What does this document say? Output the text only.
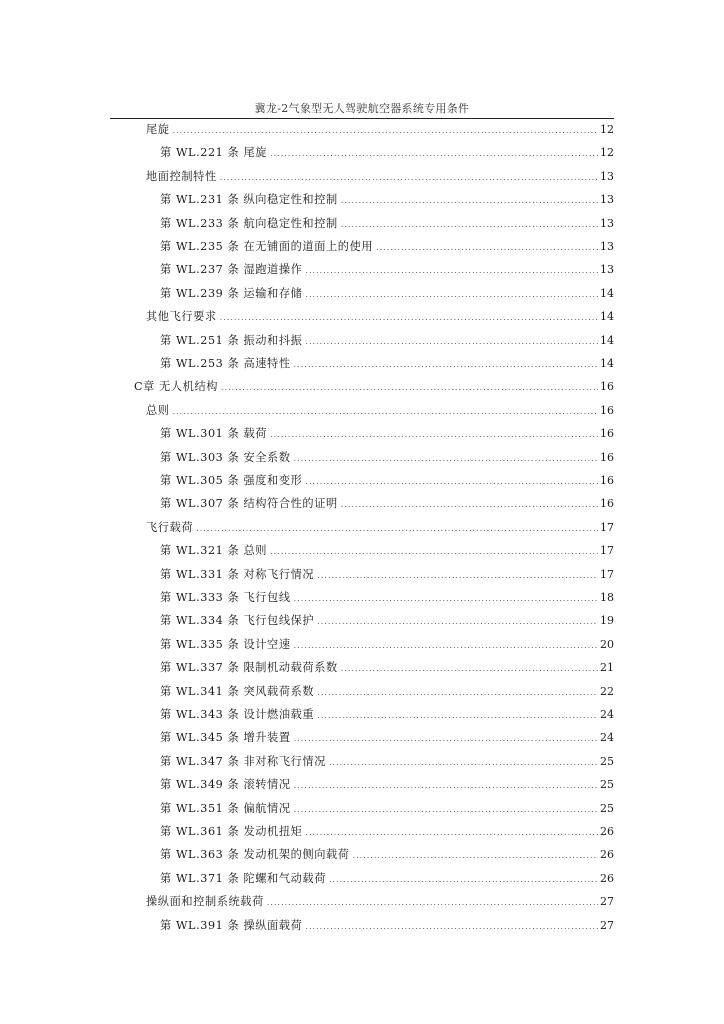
冀龙-2气象型无人驾驶航空器系统专用条件
尾旋 .....	12
第 WL.221 条 尾旋 .....	12
地面控制特性 .....	13
第 WL.231 条 纵向稳定性和控制 .....	13
第 WL.233 条 航向稳定性和控制 .....	13
第 WL.235 条 在无铺面的道面上的使用 .....	13
第 WL.237 条 湿跑道操作 .....	13
第 WL.239 条 运输和存储 .....	14
其他飞行要求 .....	14
第 WL.251 条 振动和抖振 .....	14
第 WL.253 条 高速特性 .....	14
C章 无人机结构 .....	16
总则 .....	16
第 WL.301 条 载荷 .....	16
第 WL.303 条 安全系数 .....	16
第 WL.305 条 强度和变形 .....	16
第 WL.307 条 结构符合性的证明 .....	16
飞行载荷 .....	17
第 WL.321 条 总则 .....	17
第 WL.331 条 对称飞行情况 .....	17
第 WL.333 条 飞行包线 .....	18
第 WL.334 条 飞行包线保护 .....	19
第 WL.335 条 设计空速 .....	20
第 WL.337 条 限制机动载荷系数 .....	21
第 WL.341 条 突风载荷系数 .....	22
第 WL.343 条 设计燃油载重 .....	24
第 WL.345 条 增升装置 .....	24
第 WL.347 条 非对称飞行情况 .....	25
第 WL.349 条 滚转情况 .....	25
第 WL.351 条 偏航情况 .....	25
第 WL.361 条 发动机扭矩 .....	26
第 WL.363 条 发动机架的侧向载荷 .....	26
第 WL.371 条 陀螺和气动载荷 .....	26
操纵面和控制系统载荷 .....	27
第 WL.391 条 操纵面载荷 .....	27
